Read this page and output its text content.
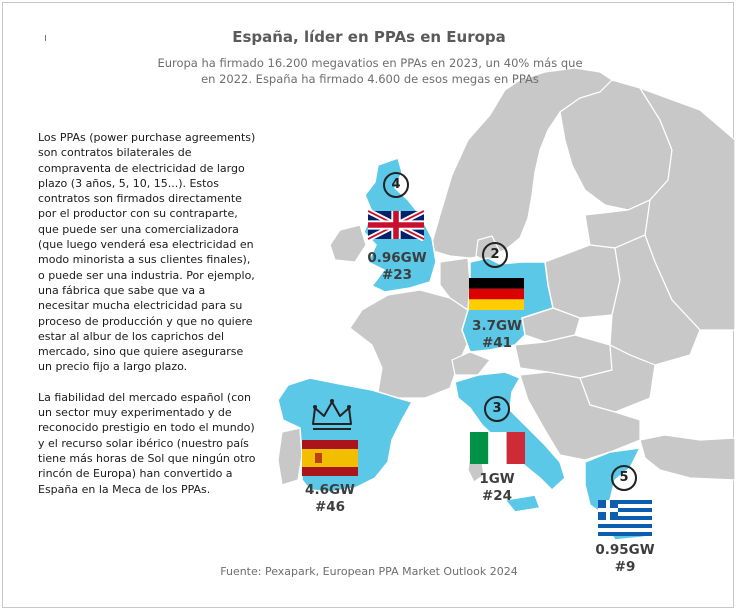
España, líder en PPAs en Europa
Europa ha firmado 16.200 megavatios en PPAs en 2023, un 40% más que en 2022. España ha firmado 4.600 de esos megas en PPAs

Los PPAs (power purchase agreements) son contratos bilaterales de compraventa de electricidad de largo plazo (3 años, 5, 10, 15...). Estos contratos son firmados directamente por el productor con su contraparte, que puede ser una comercializadora (que luego venderá esa electricidad en modo minorista a sus clientes finales), o puede ser una industria. Por ejemplo, una fábrica que sabe que va a necesitar mucha electricidad para su proceso de producción y que no quiere estar al albur de los caprichos del mercado, sino que quiere asegurarse un precio fijo a largo plazo.

La fiabilidad del mercado español (con un sector muy experimentado y de reconocido prestigio en todo el mundo) y el recurso solar ibérico (nuestro país tiene más horas de Sol que ningún otro rincón de Europa) han convertido a España en la Meca de los PPAs.

4
0.96GW
#23
2
3.7GW
#41
3
1GW
#24
4.6GW
#46
5
0.95GW
#9
Fuente: Pexapark, European PPA Market Outlook 2024
